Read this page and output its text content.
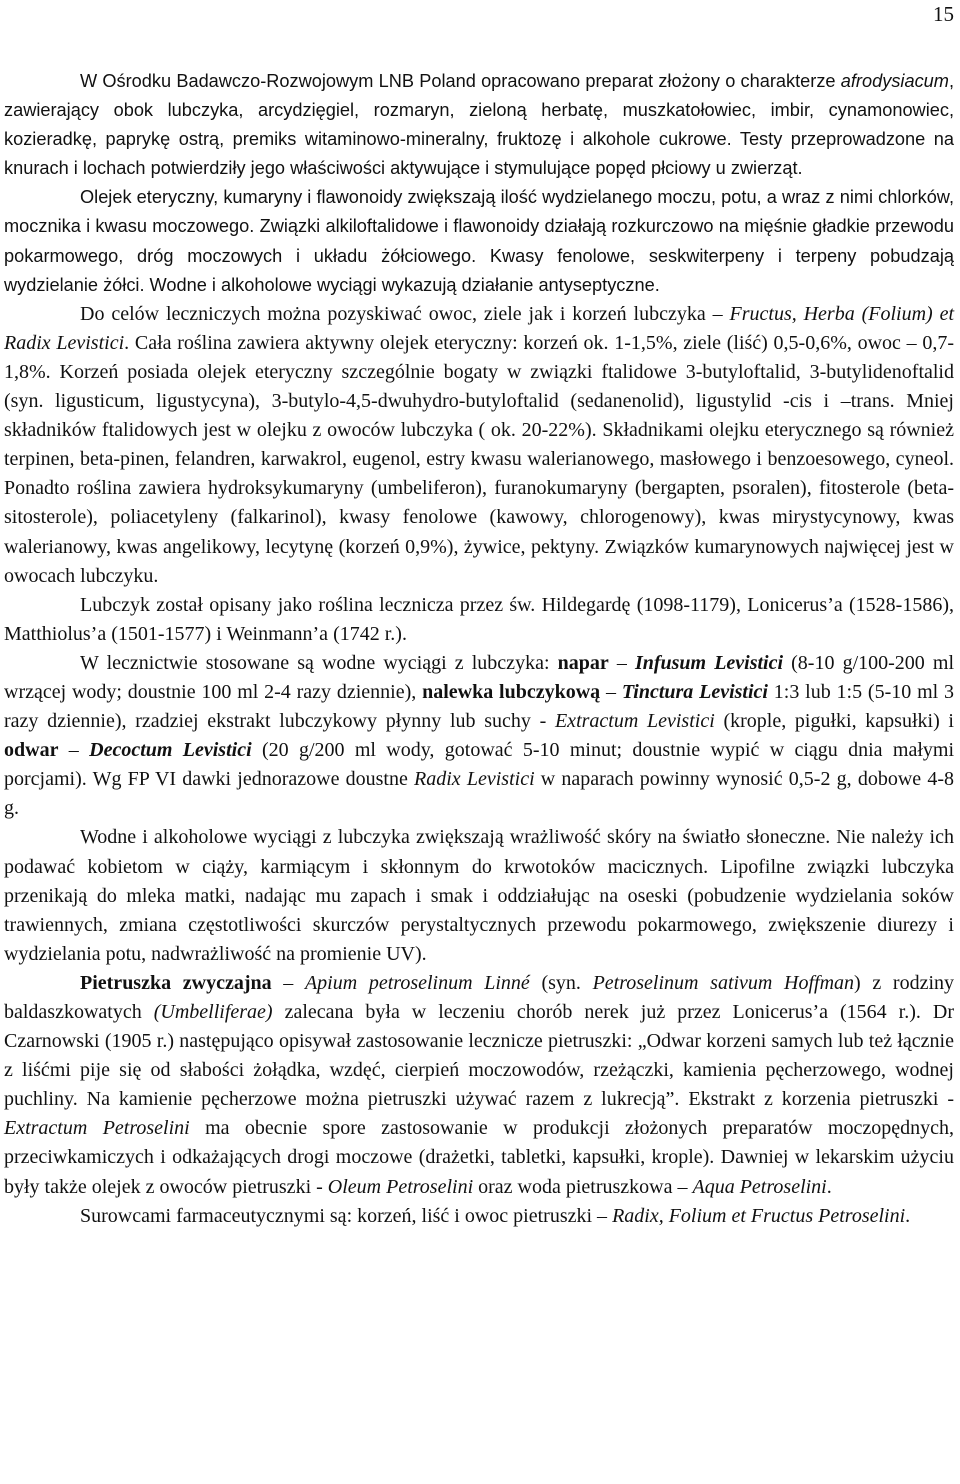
15

W Ośrodku Badawczo-Rozwojowym LNB Poland opracowano preparat złożony o charakterze afrodysiacum, zawierający obok lubczyka, arcydzięgiel, rozmaryn, zieloną herbatę, muszkatołowiec, imbir, cynamonowiec, kozieradkę, paprykę ostrą, premiks witaminowo-mineralny, fruktozę i alkohole cukrowe. Testy przeprowadzone na knurach i lochach potwierdziły jego właściwości aktywujące i stymulujące popęd płciowy u zwierząt.

Olejek eteryczny, kumaryny i flawonoidy zwiększają ilość wydzielanego moczu, potu, a wraz z nimi chlorków, mocznika i kwasu moczowego. Związki alkiloftalidowe i flawonoidy działają rozkurczowo na mięśnie gładkie przewodu pokarmowego, dróg moczowych i układu żółciowego. Kwasy fenolowe, seskwiterpeny i terpeny pobudzają wydzielanie żółci. Wodne i alkoholowe wyciągi wykazują działanie antyseptyczne.

Do celów leczniczych można pozyskiwać owoc, ziele jak i korzeń lubczyka – Fructus, Herba (Folium) et Radix Levistici. Cała roślina zawiera aktywny olejek eteryczny: korzeń ok. 1-1,5%, ziele (liść) 0,5-0,6%, owoc – 0,7-1,8%. Korzeń posiada olejek eteryczny szczególnie bogaty w związki ftalidowe 3-butyloftalid, 3-butylidenoftalid (syn. ligusticum, ligustycyna), 3-butylo-4,5-dwuhydro-butyloftalid (sedanenolid), ligustylid -cis i –trans. Mniej składników ftalidowych jest w olejku z owoców lubczyka ( ok. 20-22%). Składnikami olejku eterycznego są również terpinen, beta-pinen, felandren, karwakrol, eugenol, estry kwasu walerianowego, masłowego i benzoesowego, cyneol. Ponadto roślina zawiera hydroksykumaryny (umbeliferon), furanokumaryny (bergapten, psoralen), fitosterole (beta-sitosterole), poliacetyleny (falkarinol), kwasy fenolowe (kawowy, chlorogenowy), kwas mirystycynowy, kwas walerianowy, kwas angelikowy, lecytynę (korzeń 0,9%), żywice, pektyny. Związków kumarynowych najwięcej jest w owocach lubczyku.

Lubczyk został opisany jako roślina lecznicza przez św. Hildegardę (1098-1179), Lonicerus’a (1528-1586), Matthiolus’a (1501-1577) i Weinmann’a (1742 r.).

W lecznictwie stosowane są wodne wyciągi z lubczyka: napar – Infusum Levistici (8-10 g/100-200 ml wrzącej wody; doustnie 100 ml 2-4 razy dziennie), nalewka lubczykową – Tinctura Levistici 1:3 lub 1:5 (5-10 ml 3 razy dziennie), rzadziej ekstrakt lubczykowy płynny lub suchy - Extractum Levistici (krople, pigułki, kapsułki) i odwar – Decoctum Levistici (20 g/200 ml wody, gotować 5-10 minut; doustnie wypić w ciągu dnia małymi porcjami). Wg FP VI dawki jednorazowe doustne Radix Levistici w naparach powinny wynosić 0,5-2 g, dobowe 4-8 g.

Wodne i alkoholowe wyciągi z lubczyka zwiększają wrażliwość skóry na światło słoneczne. Nie należy ich podawać kobietom w ciąży, karmiącym i skłonnym do krwotoków macicznych. Lipofilne związki lubczyka przenikają do mleka matki, nadając mu zapach i smak i oddziałując na oseski (pobudzenie wydzielania soków trawiennych, zmiana częstotliwości skurczów perystaltycznych przewodu pokarmowego, zwiększenie diurezy i wydzielania potu, nadwrażliwość na promienie UV).

Pietruszka zwyczajna – Apium petroselinum Linné (syn. Petroselinum sativum Hoffman) z rodziny baldaszkowatych (Umbelliferae) zalecana była w leczeniu chorób nerek już przez Lonicerus’a (1564 r.). Dr Czarnowski (1905 r.) następująco opisywał zastosowanie lecznicze pietruszki: „Odwar korzeni samych lub też łącznie z liśćmi pije się od słabości żołądka, wzdęć, cierpień moczowodów, rzeżączki, kamienia pęcherzowego, wodnej puchliny. Na kamienie pęcherzowe można pietruszki używać razem z lukrecją”. Ekstrakt z korzenia pietruszki - Extractum Petroselini ma obecnie spore zastosowanie w produkcji złożonych preparatów moczopędnych, przeciwkamiczych i odkażających drogi moczowe (drażetki, tabletki, kapsułki, krople). Dawniej w lekarskim użyciu były także olejek z owoców pietruszki - Oleum Petroselini oraz woda pietruszkowa – Aqua Petroselini.

Surowcami farmaceutycznymi są: korzeń, liść i owoc pietruszki – Radix, Folium et Fructus Petroselini.
